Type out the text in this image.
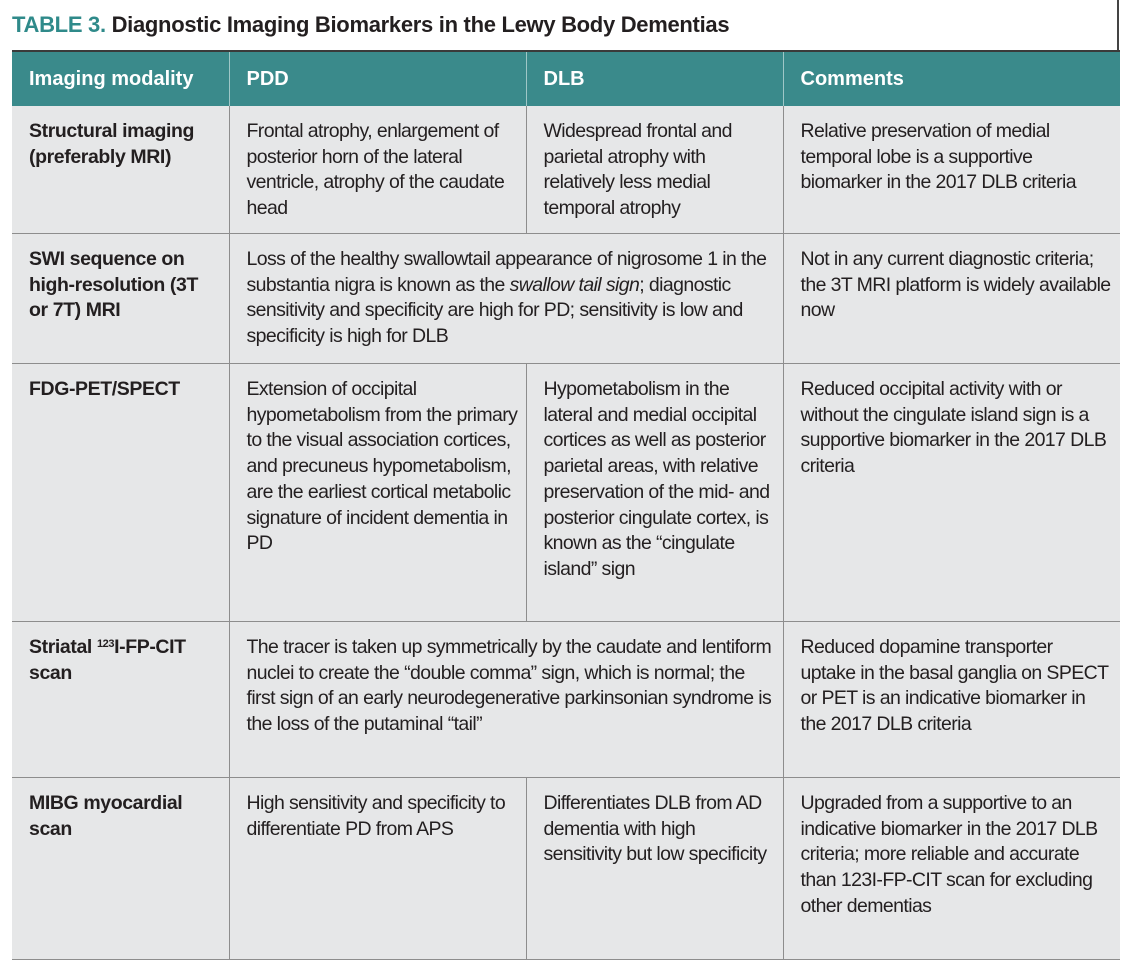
TABLE 3. Diagnostic Imaging Biomarkers in the Lewy Body Dementias
Imaging modality	PDD	DLB	Comments
Structural imaging (preferably MRI)	Frontal atrophy, enlargement of posterior horn of the lateral ventricle, atrophy of the caudate head	Widespread frontal and parietal atrophy with relatively less medial temporal atrophy	Relative preservation of medial temporal lobe is a supportive biomarker in the 2017 DLB criteria
SWI sequence on high-resolution (3T or 7T) MRI	Loss of the healthy swallowtail appearance of nigrosome 1 in the substantia nigra is known as the swallow tail sign; diagnostic sensitivity and specificity are high for PD; sensitivity is low and specificity is high for DLB		Not in any current diagnostic criteria; the 3T MRI platform is widely available now
FDG-PET/SPECT	Extension of occipital hypometabolism from the primary to the visual association cortices, and precuneus hypometabolism, are the earliest cortical metabolic signature of incident dementia in PD	Hypometabolism in the lateral and medial occipital cortices as well as posterior parietal areas, with relative preservation of the mid- and posterior cingulate cortex, is known as the “cingulate island” sign	Reduced occipital activity with or without the cingulate island sign is a supportive biomarker in the 2017 DLB criteria
Striatal $^{123}$I-FP-CIT scan	The tracer is taken up symmetrically by the caudate and lentiform nuclei to create the “double comma” sign, which is normal; the first sign of an early neurodegenerative parkinsonian syndrome is the loss of the putaminal “tail”		Reduced dopamine transporter uptake in the basal ganglia on SPECT or PET is an indicative biomarker in the 2017 DLB criteria
MIBG myocardial scan	High sensitivity and specificity to differentiate PD from APS	Differentiates DLB from AD dementia with high sensitivity but low specificity	Upgraded from a supportive to an indicative biomarker in the 2017 DLB criteria; more reliable and accurate than 123I-FP-CIT scan for excluding other dementias
